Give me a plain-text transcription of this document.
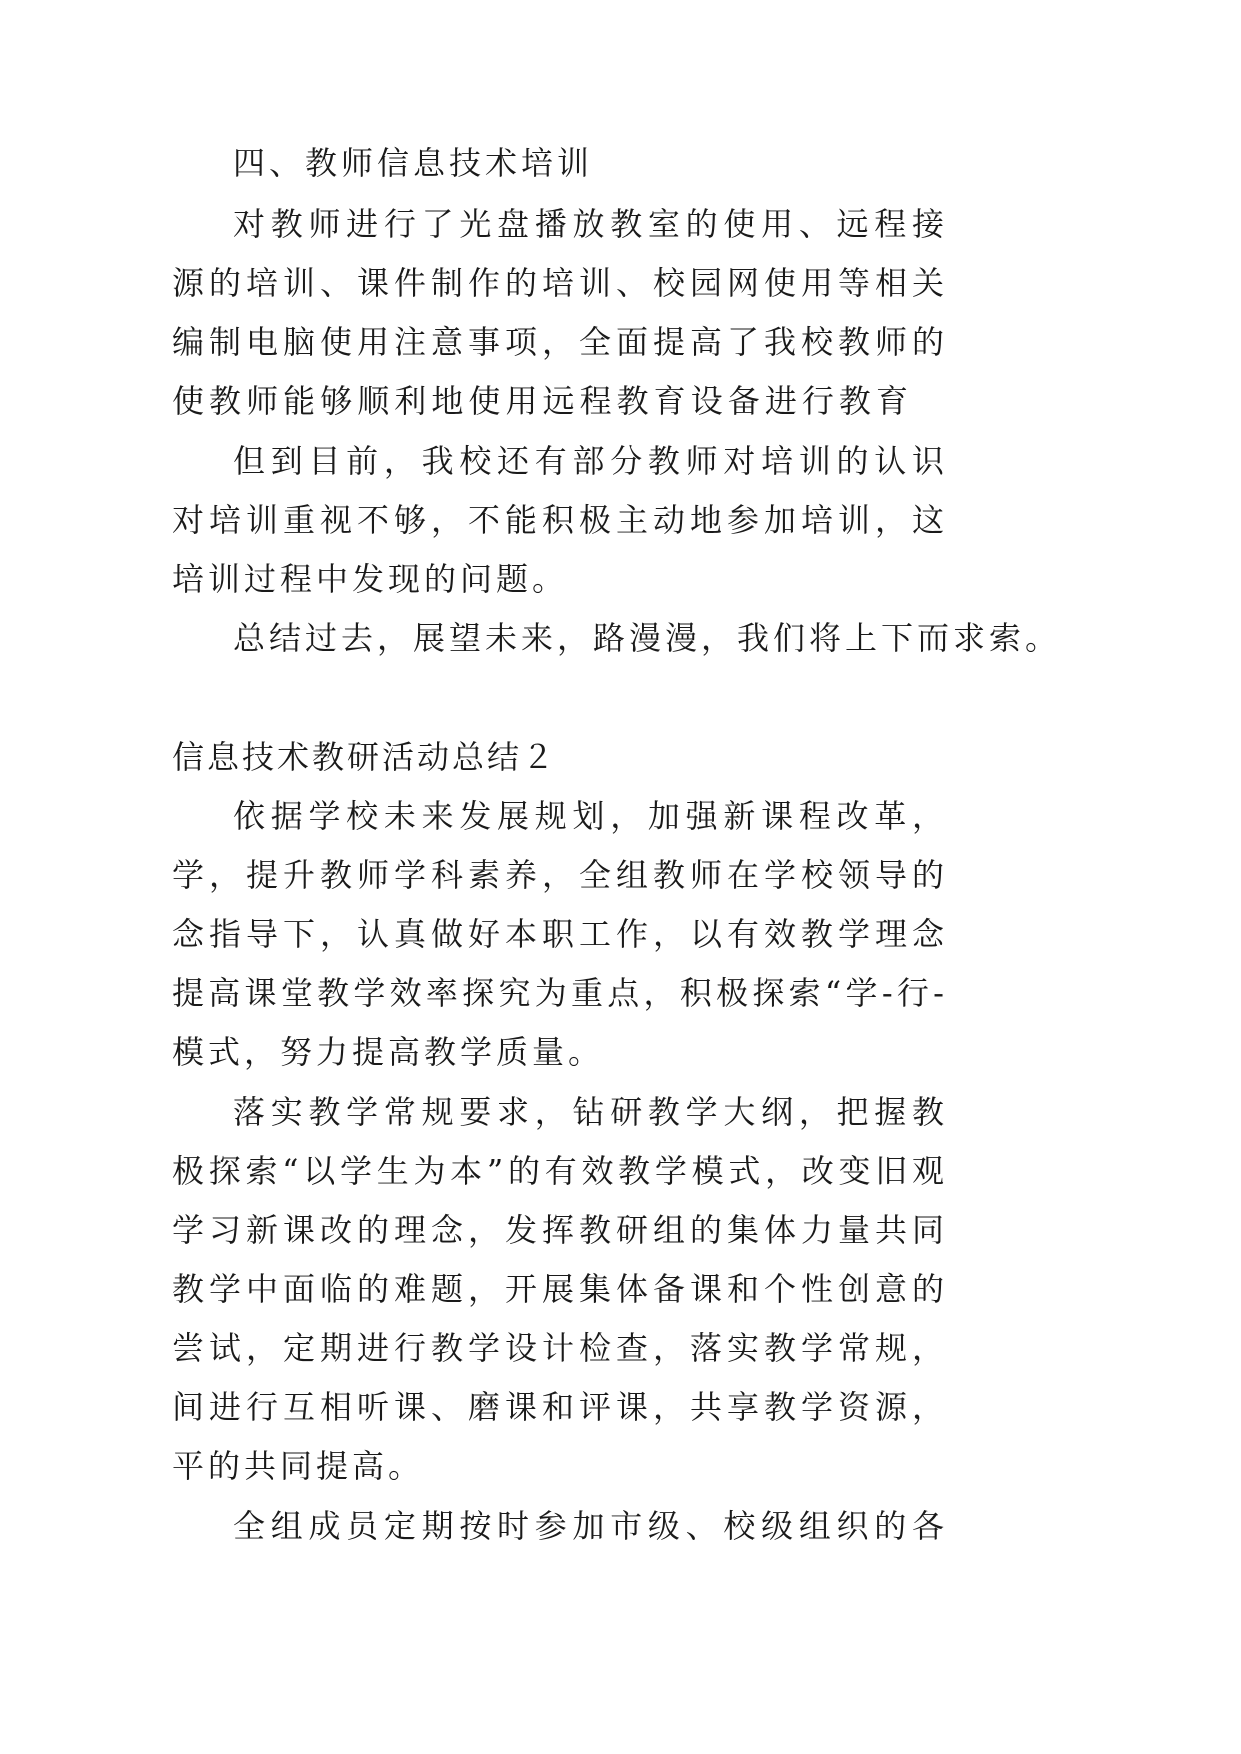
四、教师信息技术培训
对教师进行了光盘播放教室的使用、远程接
源的培训、课件制作的培训、校园网使用等相关
编制电脑使用注意事项，全面提高了我校教师的
使教师能够顺利地使用远程教育设备进行教育
但到目前，我校还有部分教师对培训的认识
对培训重视不够，不能积极主动地参加培训，这
培训过程中发现的问题。
总结过去，展望未来，路漫漫，我们将上下而求索。
信息技术教研活动总结２
依据学校未来发展规划，加强新课程改革，
学，提升教师学科素养，全组教师在学校领导的
念指导下，认真做好本职工作，以有效教学理念
提高课堂教学效率探究为重点，积极探索“学-行-
模式，努力提高教学质量。
落实教学常规要求，钻研教学大纲，把握教
极探索“以学生为本”的有效教学模式，改变旧观
学习新课改的理念，发挥教研组的集体力量共同
教学中面临的难题，开展集体备课和个性创意的
尝试，定期进行教学设计检查，落实教学常规，
间进行互相听课、磨课和评课，共享教学资源，
平的共同提高。
全组成员定期按时参加市级、校级组织的各
